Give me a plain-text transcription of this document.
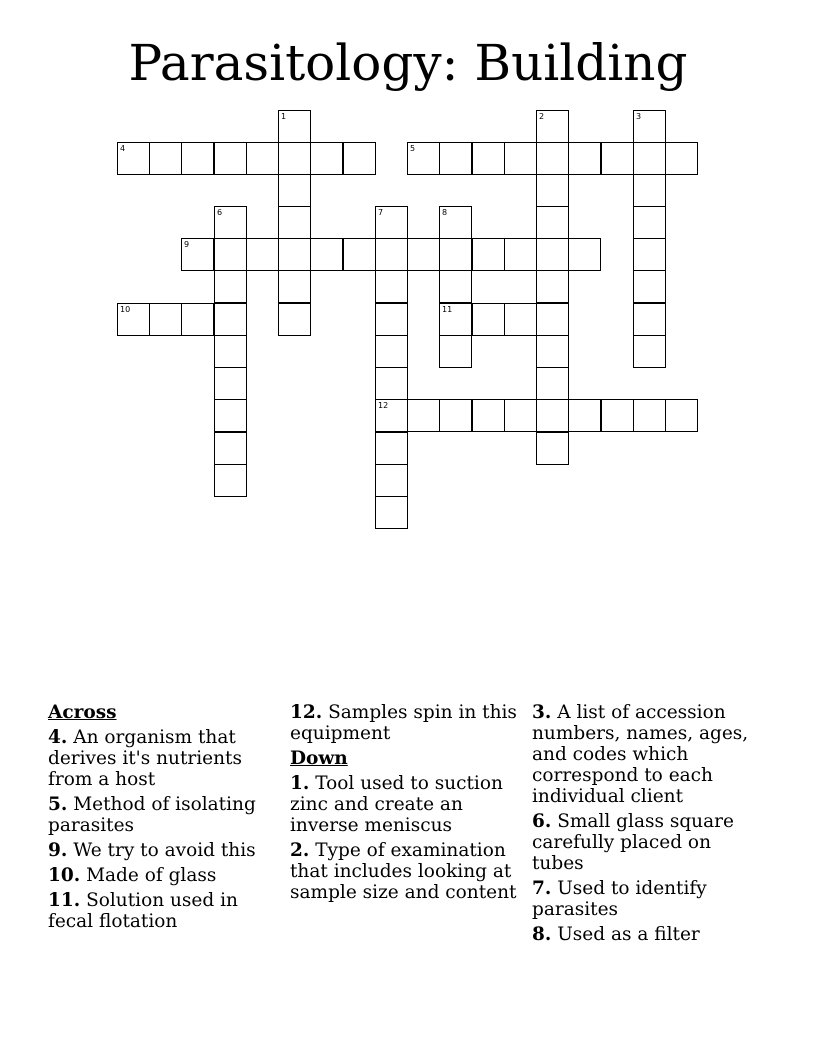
Parasitology: Building
4	5
1	2	3
6	7	8
9
10	11
12
Across
4. An organism that derives it's nutrients from a host
5. Method of isolating parasites
9. We try to avoid this
10. Made of glass
11. Solution used in fecal flotation
12. Samples spin in this equipment
Down
1. Tool used to suction zinc and create an inverse meniscus
2. Type of examination that includes looking at sample size and content
3. A list of accession numbers, names, ages, and codes which correspond to each individual client
6. Small glass square carefully placed on tubes
7. Used to identify parasites
8. Used as a filter
